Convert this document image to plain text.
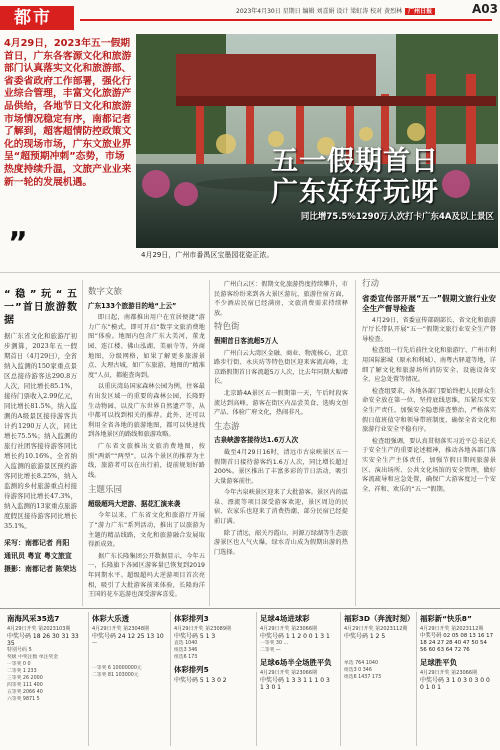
都市	2023年4月30日 星期日 编辑 刘喜娟 设计 梁虹涛 校对 黄烈林 广州日报	A03
4月29日，2023年五一假期首日，广东各客源文化和旅游部门认真落实文化和旅游部、省委省政府工作部署，强化行业综合管理，丰富文化旅游产品供给，各地节日文化和旅游市场情况稳定有序，南都记者了解到，超客超情防控政策文化的现场市场，广东文旅业界呈“超预期冲刺”态势，市场热度持续升温，文旅产业业来新一轮的发展机遇。
”
五一假期首日
广东好好玩呀
同比增75.5%1290万人次打卡广东4A及以上景区
4月29日，广州市番禺区宝墨园花姿正浓。
“稳”玩“五一”首日旅游数据

据广东省文化和旅游厅初步测算，2023年五一假期首日（4月29日），全省纳入监测的150家重点景区总接待游客达290.8万人次，同比增长85.1%，接待门票收入2.99亿元，同比增长81.5%，纳入监测的A级景区接待游客共计约1290万人次，同比增长75.5%；纳入监测的旅行社团客接待游客同比增长约10.16%。全省纳入监测的旅游景区预约游客同比增长8.25%，纳入监测的乡村旅游重点村接待游客同比增长47.3%，纳入监测的13家重点旅游度假区接待游客同比增长35.1%。

采写：南都记者 肖阳
通讯员 粤宣 粤文旅宣
摄影：南都记者 陈荣达
数字文旅
广东133个旅游目的地“上云”
即日起，南都推出用户在宜居便捷“游力广东”模式，即可开启“数字文旅消费地图”体验。地图内包含广东大美河，董龙园、连江楼、佛山泓湖、美丽寺等，外商地图，分级网格，如果了解更多旅游景点、大理古城，如广东旅游，地图的“精准度”人员，都能查询到。
以重庆湾岛国家森林公园为例，住客最有出发区域一的重要的森林公园，长隆野生动物园、以及广东世界自然遗产等，从中都可以找到相关的推荐。此外，还可以利用全省各地的旅游地图，都可以快速找到各地景区的路线和旅游攻略。
广东省文旅推出文旅消费地图，按照“两新”“两型”，以各个景区的推荐为主线，旅游者可以在出行前，提前规划好路线。
主题乐园
超级超玛大逆游、据花汇演来袭
今年以来，广东省文化和旅游厅开展了“游力广东”系列活动，推出了以旅游为主题的精品线路，文化和旅游融合发展取得新成效。
据广东长隆集团公开数据显示，今年五一，长隆旗下各园区游客量已恢复到2019年同期水平。超级超玛大逆游项目首次亮相，吸引了大批游客前来体验，长隆海洋王国的花车巡游也深受游客喜爱。
广州白云区：假期文化旅游热度持续攀升，市民游客纷纷来到各大景区游玩，旅游住宿方面，不少酒店民宿已经满房，文旅消费需求持续释放。
特色街
假期首日客流超5万人
广州白云大湾区金融、商业、物流核心，北京路步行街、永庆坊等特色街区迎来客流高峰，北京路假期首日客流超5万人次，比去年同期大幅增长。
北京路4A景区五一假期第一天，午后时段客流达到高峰，游客在街区内品尝美食、选购文创产品、体验广府文化，热闹非凡。
生态游
古泉峡游客接待达1.6万人次
截至4月29日16时，清远市古泉峡景区五一假期首日接待游客约1.6万人次，同比增长超过200%。景区推出了丰富多彩的节日活动，吸引大量游客前往。
今年古泉峡景区迎来了大批游客。景区内的温泉、漂流等项目深受游客欢迎，景区周边的民宿、农家乐也迎来了消费热潮，部分民宿已经提前订满。
除了清远，韶关丹霞山、河源万绿湖等生态旅游景区也人气火爆，绿水青山成为假期出游的热门选择。
行动
省委宣传部开展“五一”假期文旅行业安全生产督导检查
4月29日，省委宣传部副部长、省文化和旅游厅厅长带队开展“五一”假期文旅行业安全生产督导检查。
检查组一行先后前往文化和旅游厅、广州市利用国际影城（原永和利城）、南粤古驿道等地，详细了解文化和旅游场所消防安全、设施设备安全、应急处置等情况。
检查组要求，各地各部门要始终把人民群众生命安全放在第一位，坚持底线思维，压紧压实安全生产责任，加强安全隐患排查整治，严格落实假日值班值守和领导带班制度，确保全省文化和旅游行业安全平稳有序。
检查组强调，要认真贯彻落实习近平总书记关于安全生产的重要论述精神，推动各地各部门落实安全生产主体责任，加强节假日期间旅游景区、演出场所、公共文化场馆的安全管理，做好客流疏导和应急处置，确保广大游客度过一个安全、祥和、欢乐的“五一”假期。
南海风采35选7
4月29日开奖 第2023103期
中奖号码 18 26 30 31 33 35
特别号码 5
奖级 中奖注数 单注奖金
一等奖 0 0
二等奖 1 233
三等奖 26 2000
四等奖 111 400
五等奖 2066 40
六等奖 9871 5
体彩大乐透
4月29日开奖 第23048期
中奖号码 24 12 25 13 10
—
一等奖 6 10000000元
二等奖 81 103000元
体彩排列3
4月29日开奖 第23089期
中奖号码 5 1 3
直选 1040
组选3 346
组选6 173
体彩排列5
中奖号码 5 1 3 0 2
足球4场进球彩
4月29日开奖 第23066期
中奖号码 1 1 2 0 0 1 3 1
一等奖 30 ...
二等奖 —
足球6场半全场胜平负
4月29日开奖 第23066期
中奖号码 1 3 3 1 1 1 0 3 1 3 0 1
福彩3D（奔流时刻）
4月29日开奖 第2023112期
中奖号码 1 2 5
单选 764 1040
组选3 0 346
组选6 1437 173
福彩新“快乐8”
4月29日开奖 第2023112期
中奖号码 02 05 08 13 16 17 18 24 27 28 40 47 50 54 56 60 63 64 72 76
足球胜平负
4月29日开奖 第23066期
中奖号码 3 1 0 3 0 3 0 0 0 1 0 1
